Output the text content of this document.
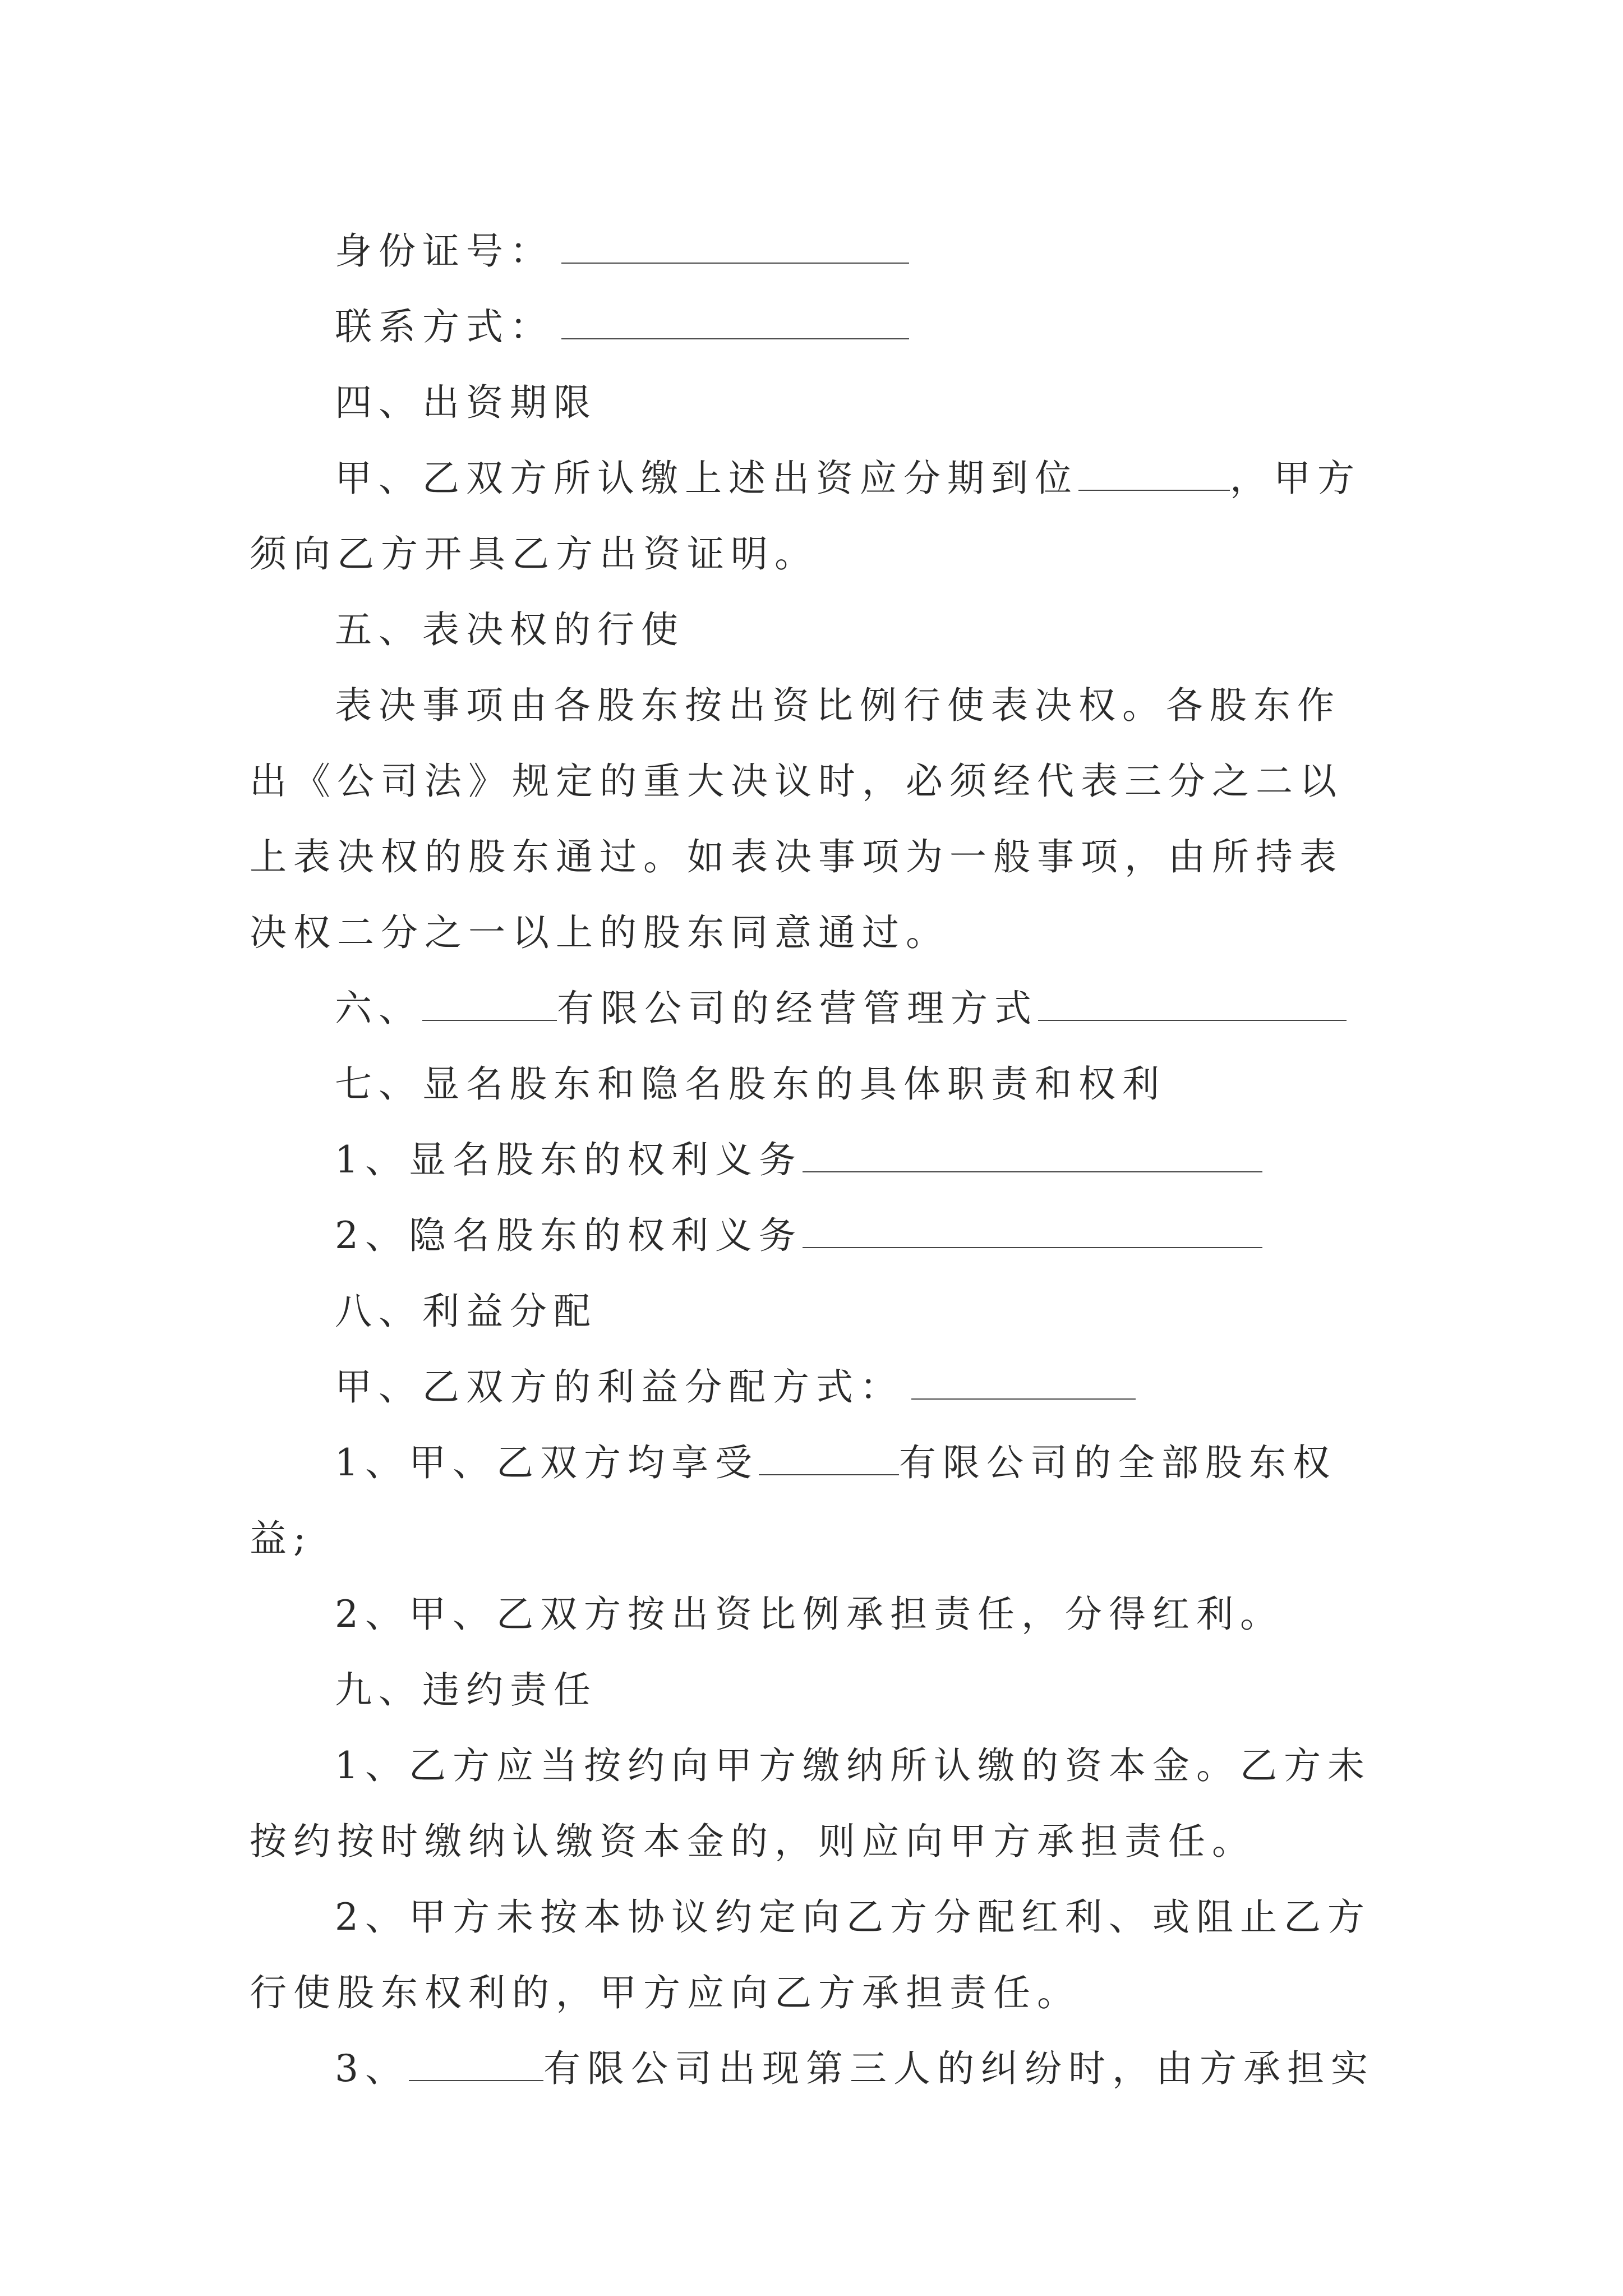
身份证号：

联系方式：

四、出资期限

甲、乙双方所认缴上述出资应分期到位	，甲方须向乙方开具乙方出资证明。

五、表决权的行使

表决事项由各股东按出资比例行使表决权。各股东作出《公司法》规定的重大决议时，必须经代表三分之二以上表决权的股东通过。如表决事项为一般事项，由所持表决权二分之一以上的股东同意通过。

六、	有限公司的经营管理方式

七、显名股东和隐名股东的具体职责和权利

1、显名股东的权利义务

2、隐名股东的权利义务

八、利益分配

甲、乙双方的利益分配方式：

1、甲、乙双方均享受	有限公司的全部股东权益;

2、甲、乙双方按出资比例承担责任，分得红利。

九、违约责任

1、乙方应当按约向甲方缴纳所认缴的资本金。乙方未按约按时缴纳认缴资本金的，则应向甲方承担责任。

2、甲方未按本协议约定向乙方分配红利、或阻止乙方行使股东权利的，甲方应向乙方承担责任。

3、	有限公司出现第三人的纠纷时，由方承担实
